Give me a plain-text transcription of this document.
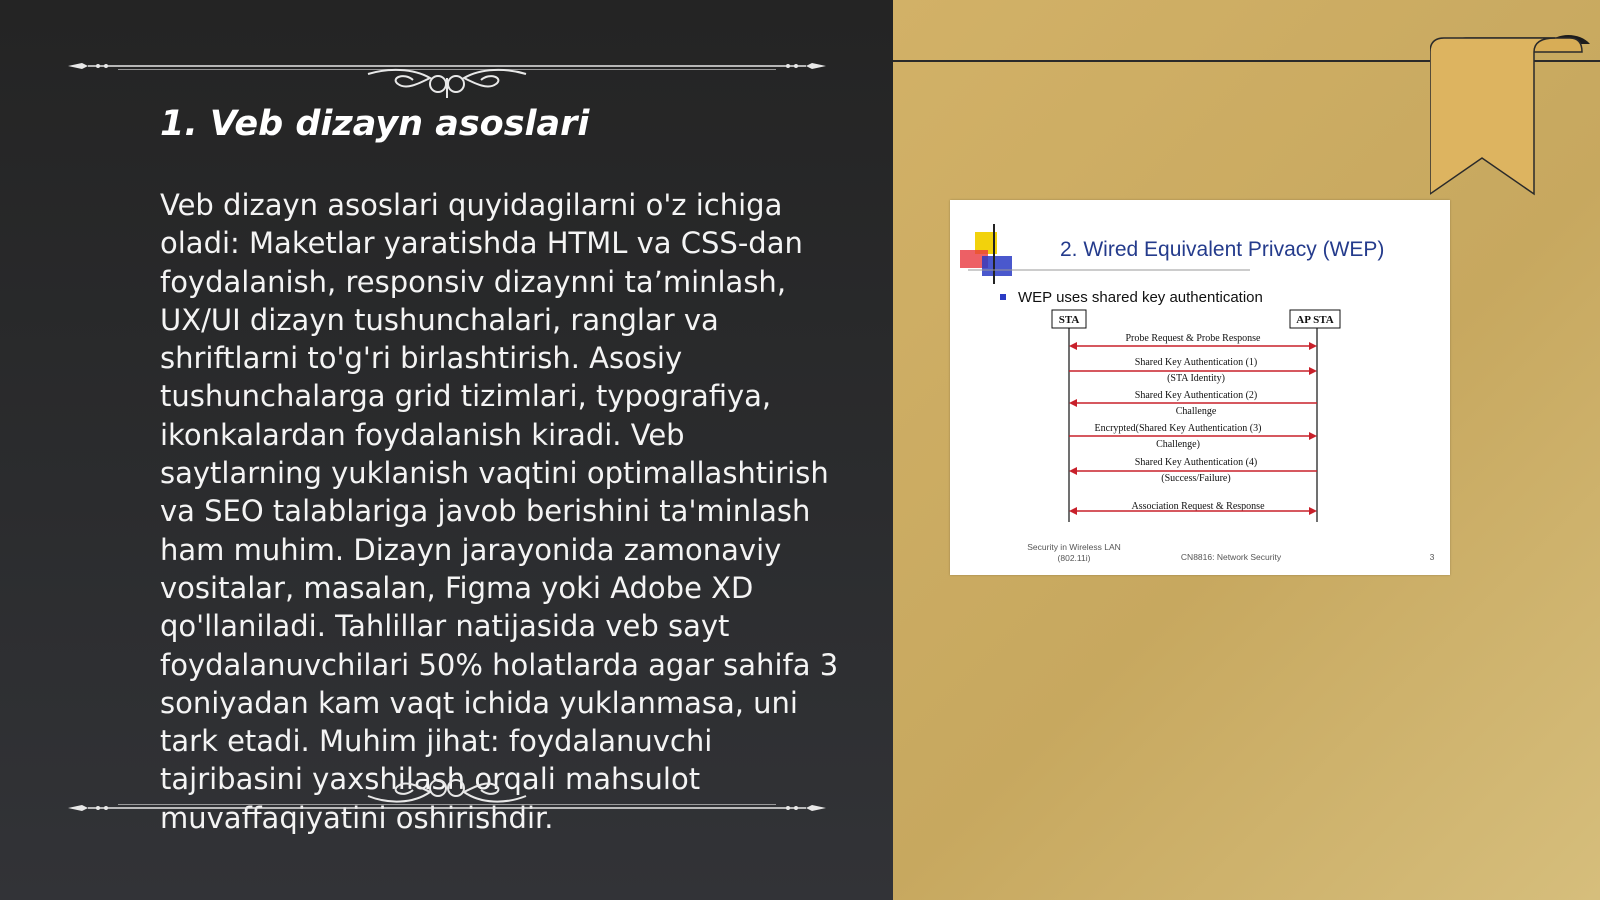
1. Veb dizayn asoslari

Veb dizayn asoslari quyidagilarni o'z ichiga oladi: Maketlar yaratishda HTML va CSS-dan foydalanish, responsiv dizaynni ta’minlash, UX/UI dizayn tushunchalari, ranglar va shriftlarni to'g'ri birlashtirish. Asosiy tushunchalarga grid tizimlari, typografiya, ikonkalardan foydalanish kiradi. Veb saytlarning yuklanish vaqtini optimallashtirish va SEO talablariga javob berishini ta'minlash ham muhim. Dizayn jarayonida zamonaviy vositalar, masalan, Figma yoki Adobe XD qo'llaniladi. Tahlillar natijasida veb sayt foydalanuvchilari 50% holatlarda agar sahifa 3 soniyadan kam vaqt ichida yuklanmasa, uni tark etadi. Muhim jihat: foydalanuvchi tajribasini yaxshilash orqali mahsulot muvaffaqiyatini oshirishdir.

2. Wired Equivalent Privacy (WEP)
WEP uses shared key authentication
STA	AP STA
Probe Request & Probe Response
Shared Key Authentication (1)
(STA Identity)
Shared Key Authentication (2)
Challenge
Encrypted(Shared Key Authentication (3)
Challenge)
Shared Key Authentication (4)
(Success/Failure)
Association Request & Response
Security in Wireless LAN
(802.11i)	CN8816: Network Security	3
